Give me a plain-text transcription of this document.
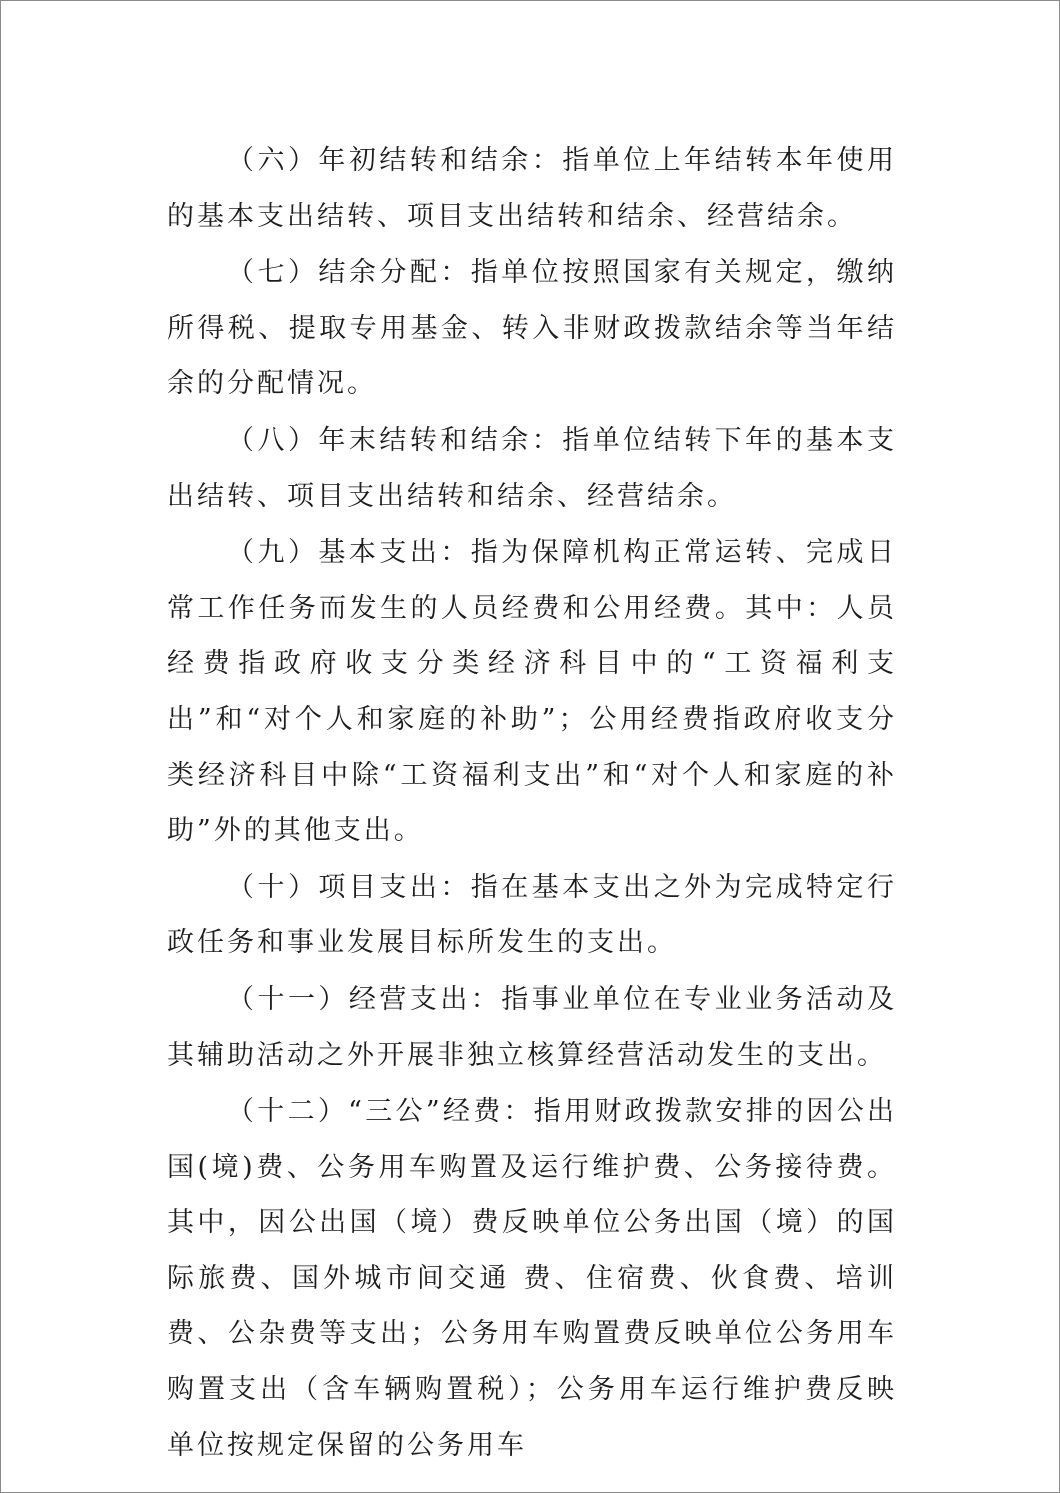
（六）年初结转和结余：指单位上年结转本年使用的基本支出结转、项目支出结转和结余、经营结余。

（七）结余分配：指单位按照国家有关规定，缴纳所得税、提取专用基金、转入非财政拨款结余等当年结余的分配情况。

（八）年末结转和结余：指单位结转下年的基本支出结转、项目支出结转和结余、经营结余。

（九）基本支出：指为保障机构正常运转、完成日常工作任务而发生的人员经费和公用经费。其中：人员经费指政府收支分类经济科目中的“工资福利支出”和“对个人和家庭的补助”；公用经费指政府收支分类经济科目中除“工资福利支出”和“对个人和家庭的补助”外的其他支出。

（十）项目支出：指在基本支出之外为完成特定行政任务和事业发展目标所发生的支出。

（十一）经营支出：指事业单位在专业业务活动及其辅助活动之外开展非独立核算经营活动发生的支出。

（十二）“三公”经费：指用财政拨款安排的因公出国(境)费、公务用车购置及运行维护费、公务接待费。其中，因公出国（境）费反映单位公务出国（境）的国际旅费、国外城市间交通 费、住宿费、伙食费、培训费、公杂费等支出；公务用车购置费反映单位公务用车购置支出（含车辆购置税）；公务用车运行维护费反映单位按规定保留的公务用车
